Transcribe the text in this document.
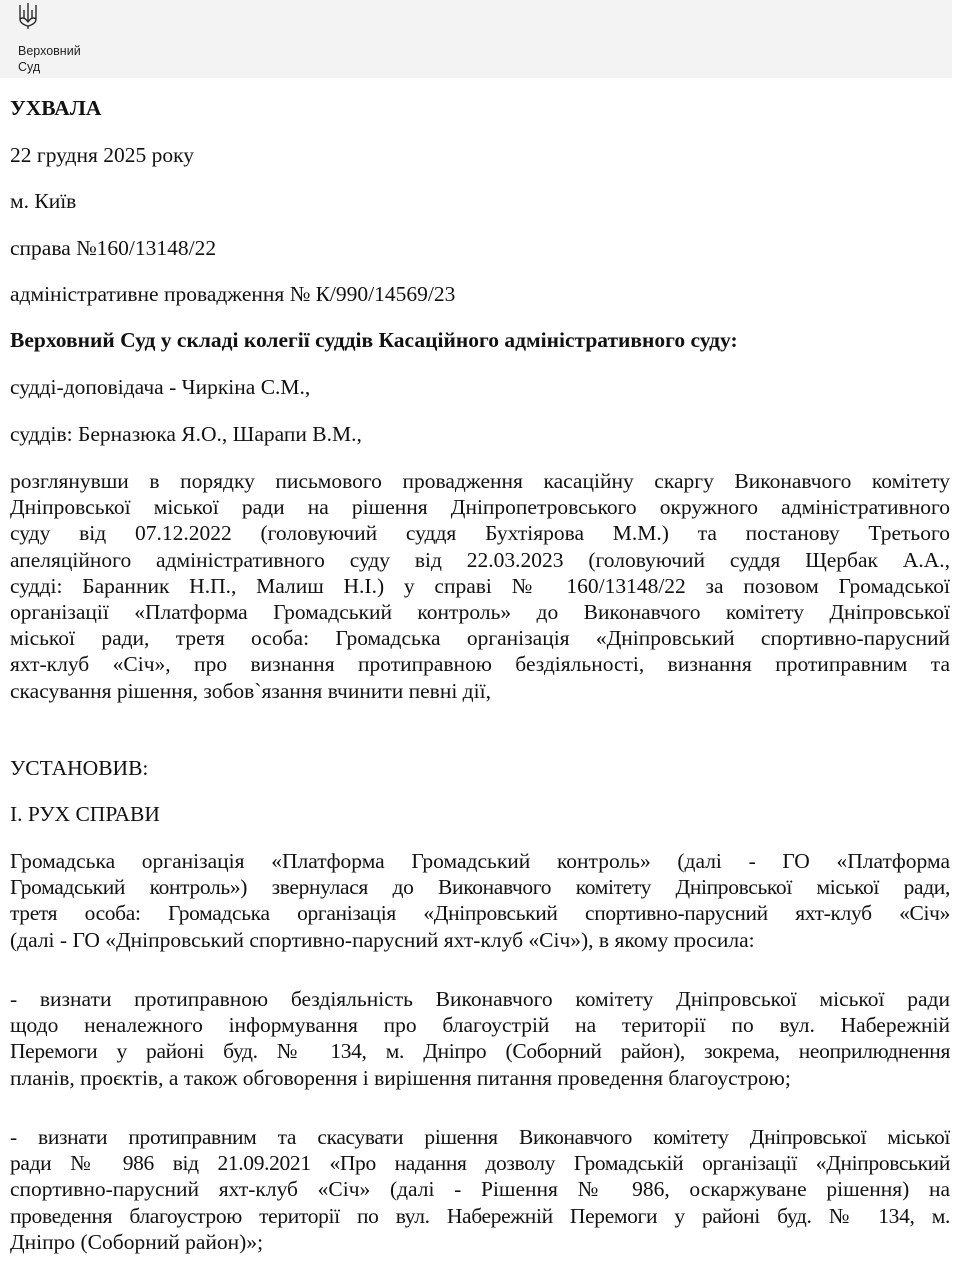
Верховний
Суд

УХВАЛА

22 грудня 2025 року

м. Київ

справа №160/13148/22

адміністративне провадження № К/990/14569/23

Верховний Суд у складі колегії суддів Касаційного адміністративного суду:

судді-доповідача - Чиркіна С.М.,

суддів: Берназюка Я.О., Шарапи В.М.,

розглянувши в порядку письмового провадження касаційну скаргу Виконавчого комітету
Дніпровської міської ради на рішення Дніпропетровського окружного адміністративного
суду від 07.12.2022 (головуючий суддя Бухтіярова М.М.) та постанову Третього
апеляційного адміністративного суду від 22.03.2023 (головуючий суддя Щербак А.А.,
судді: Баранник Н.П., Малиш Н.І.) у справі № 160/13148/22 за позовом Громадської
організації «Платформа Громадський контроль» до Виконавчого комітету Дніпровської
міської ради, третя особа: Громадська організація «Дніпровський спортивно-парусний
яхт-клуб «Січ», про визнання протиправною бездіяльності, визнання протиправним та
скасування рішення, зобов`язання вчинити певні дії,

УСТАНОВИВ:

I. РУХ СПРАВИ

Громадська організація «Платформа Громадський контроль» (далі - ГО «Платформа
Громадський контроль») звернулася до Виконавчого комітету Дніпровської міської ради,
третя особа: Громадська організація «Дніпровський спортивно-парусний яхт-клуб «Січ»
(далі - ГО «Дніпровський спортивно-парусний яхт-клуб «Січ»), в якому просила:
- визнати протиправною бездіяльність Виконавчого комітету Дніпровської міської ради
щодо неналежного інформування про благоустрій на території по вул. Набережній
Перемоги у районі буд. № 134, м. Дніпро (Соборний район), зокрема, неоприлюднення
планів, проєктів, а також обговорення і вирішення питання проведення благоустрою;
- визнати протиправним та скасувати рішення Виконавчого комітету Дніпровської міської
ради № 986 від 21.09.2021 «Про надання дозволу Громадській організації «Дніпровський
спортивно-парусний яхт-клуб «Січ» (далі - Рішення № 986, оскаржуване рішення) на
проведення благоустрою території по вул. Набережній Перемоги у районі буд. № 134, м.
Дніпро (Соборний район)»;
